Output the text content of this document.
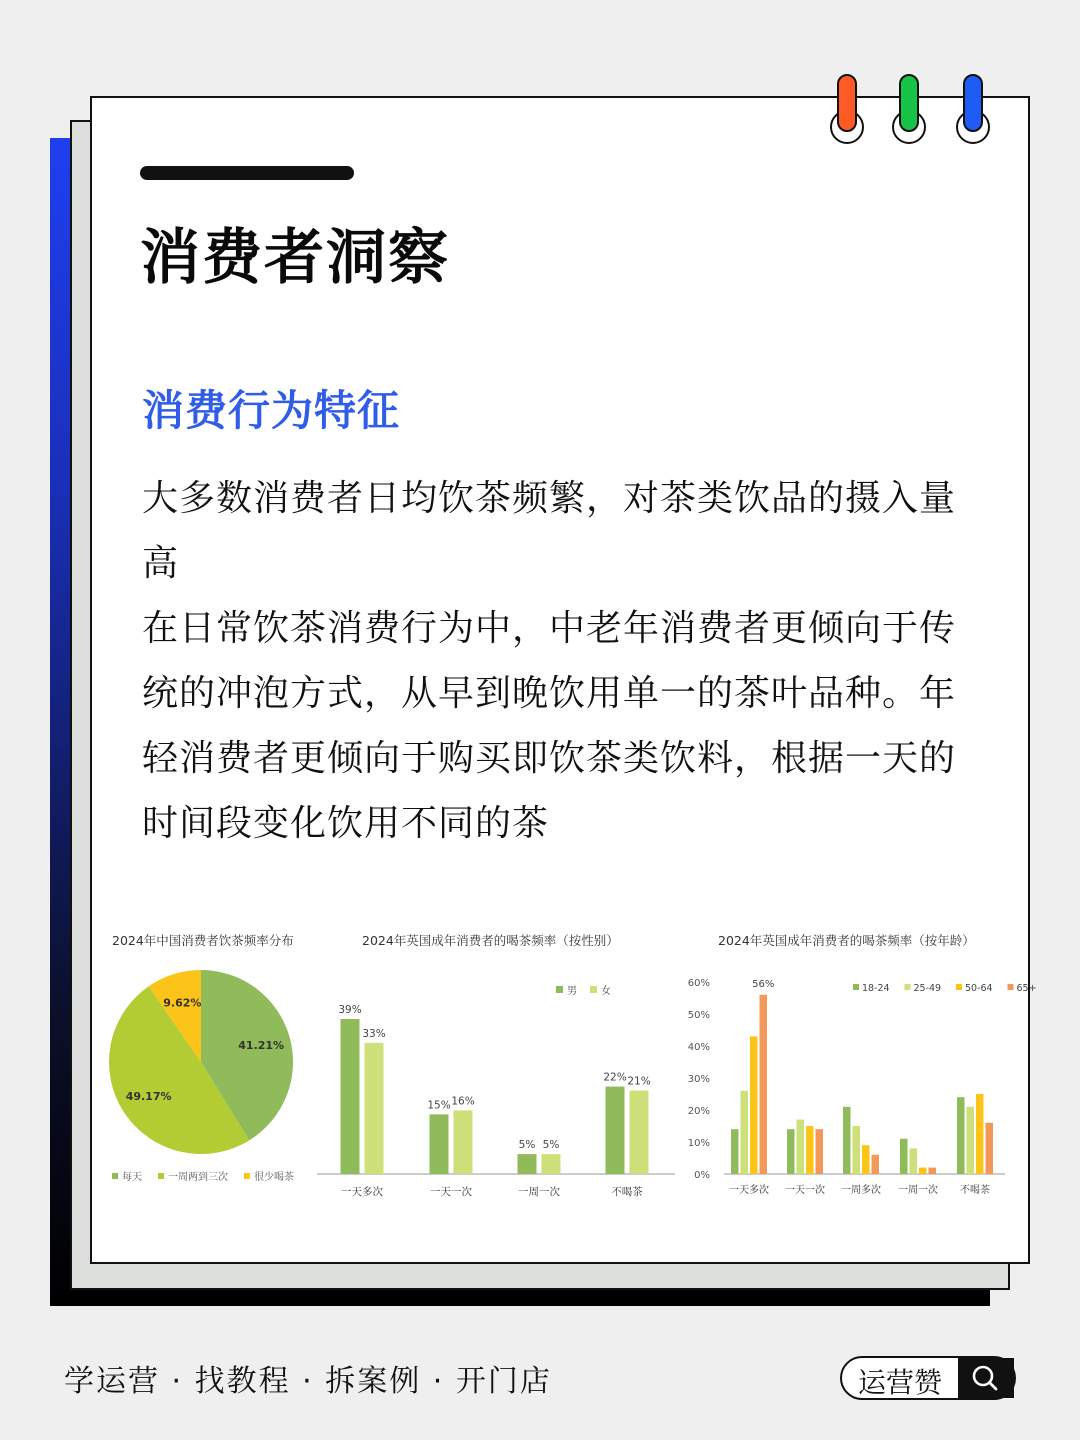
消费者洞察
消费行为特征

大多数消费者日均饮茶频繁，对茶类饮品的摄入量高

在日常饮茶消费行为中，中老年消费者更倾向于传统的冲泡方式，从早到晚饮用单一的茶叶品种。年轻消费者更倾向于购买即饮茶类饮料，根据一天的时间段变化饮用不同的茶

2024年中国消费者饮茶频率分布
41.21%
49.17%
9.62%
每天	一周两到三次	很少喝茶
2024年英国成年消费者的喝茶频率（按性别）
39%
33%
一天多次
15% 16%
一天一次
5% 5%
一周一次
22% 21%
不喝茶
男 女
2024年英国成年消费者的喝茶频率（按年龄）
0%
10%
20%
30%
40%
50%
60%
一天多次 一天一次 一周多次 一周一次 不喝茶
56%	18-24	25-49	50-64	65+
学运营 · 找教程 · 拆案例 · 开门店	运营赞
